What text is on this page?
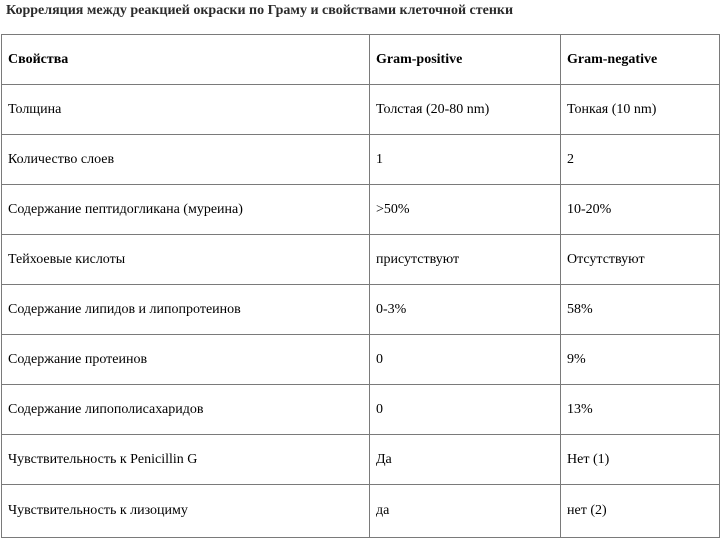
Корреляция между реакцией окраски по Граму и свойствами клеточной стенки
Свойства	Gram-positive	Gram-negative
Толщина	Толстая (20-80 nm)	Тонкая (10 nm)
Количество слоев	1	2
Содержание пептидогликана (муреина)	>50%	10-20%
Тейхоевые кислоты	присутствуют	Отсутствуют
Содержание липидов и липопротеинов	0-3%	58%
Содержание протеинов	0	9%
Содержание липополисахаридов	0	13%
Чувствительность к Penicillin G	Да	Нет (1)
Чувствительность к лизоциму	да	нет (2)
